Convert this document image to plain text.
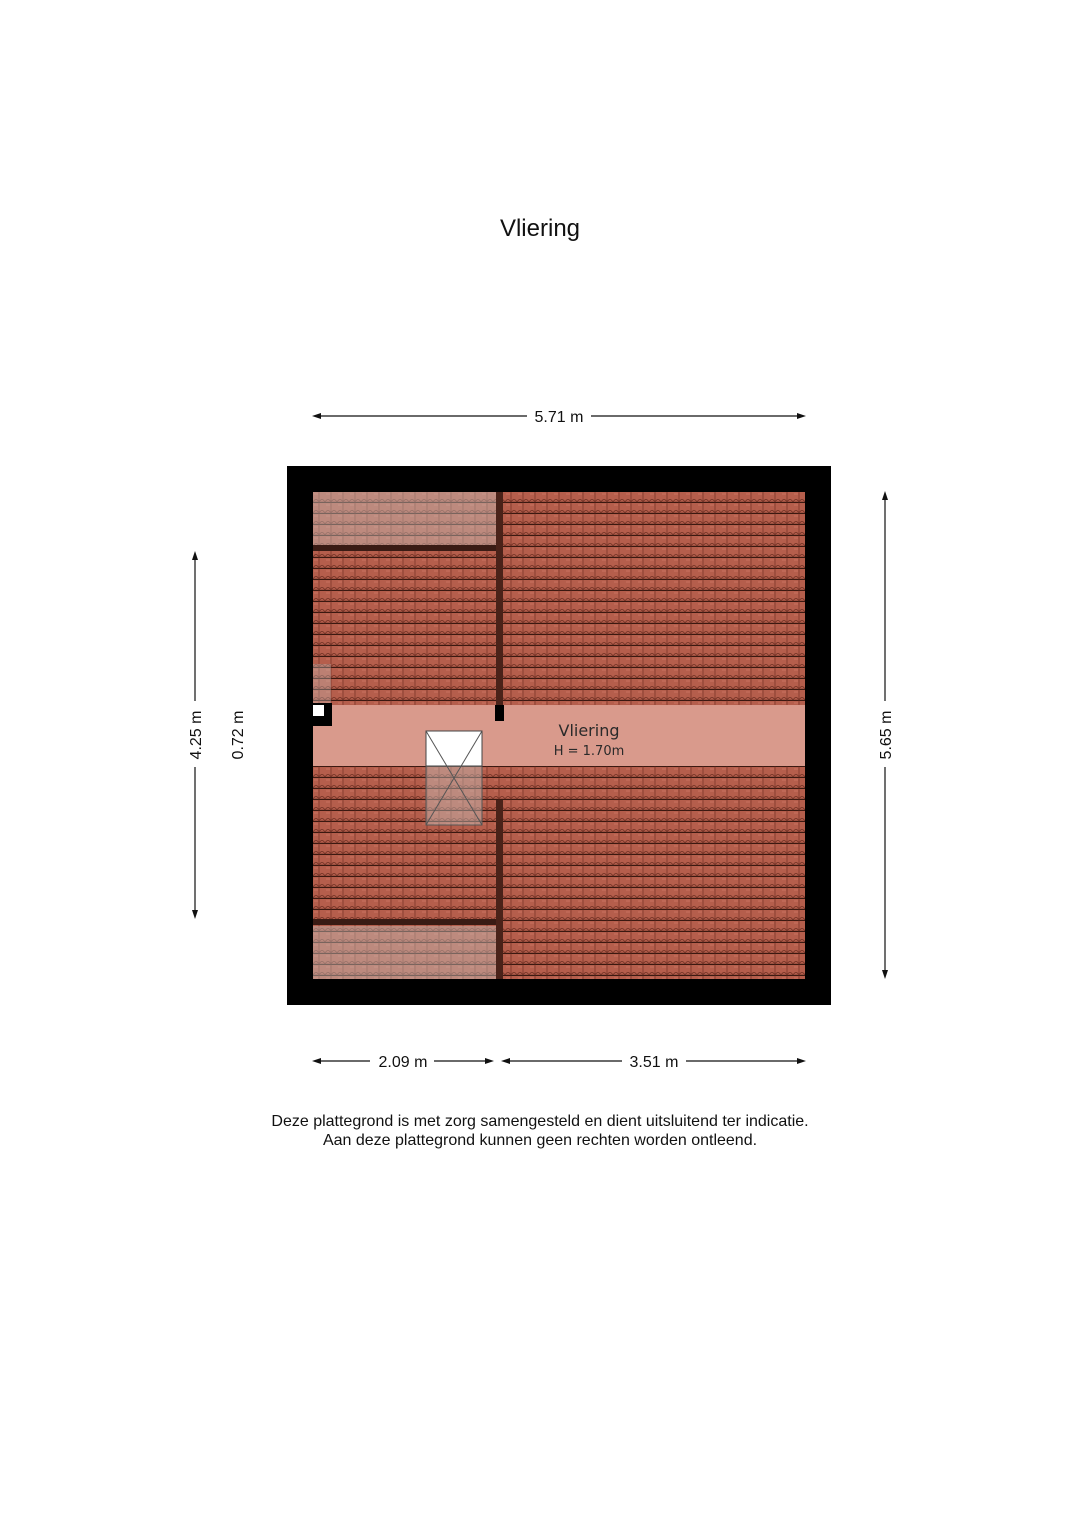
Vliering
Vliering
H = 1.70m
5.71 m
2.09 m	3.51 m
4.25 m 0.72 m	5.65 m
Deze plattegrond is met zorg samengesteld en dient uitsluitend ter indicatie.
Aan deze plattegrond kunnen geen rechten worden ontleend.
